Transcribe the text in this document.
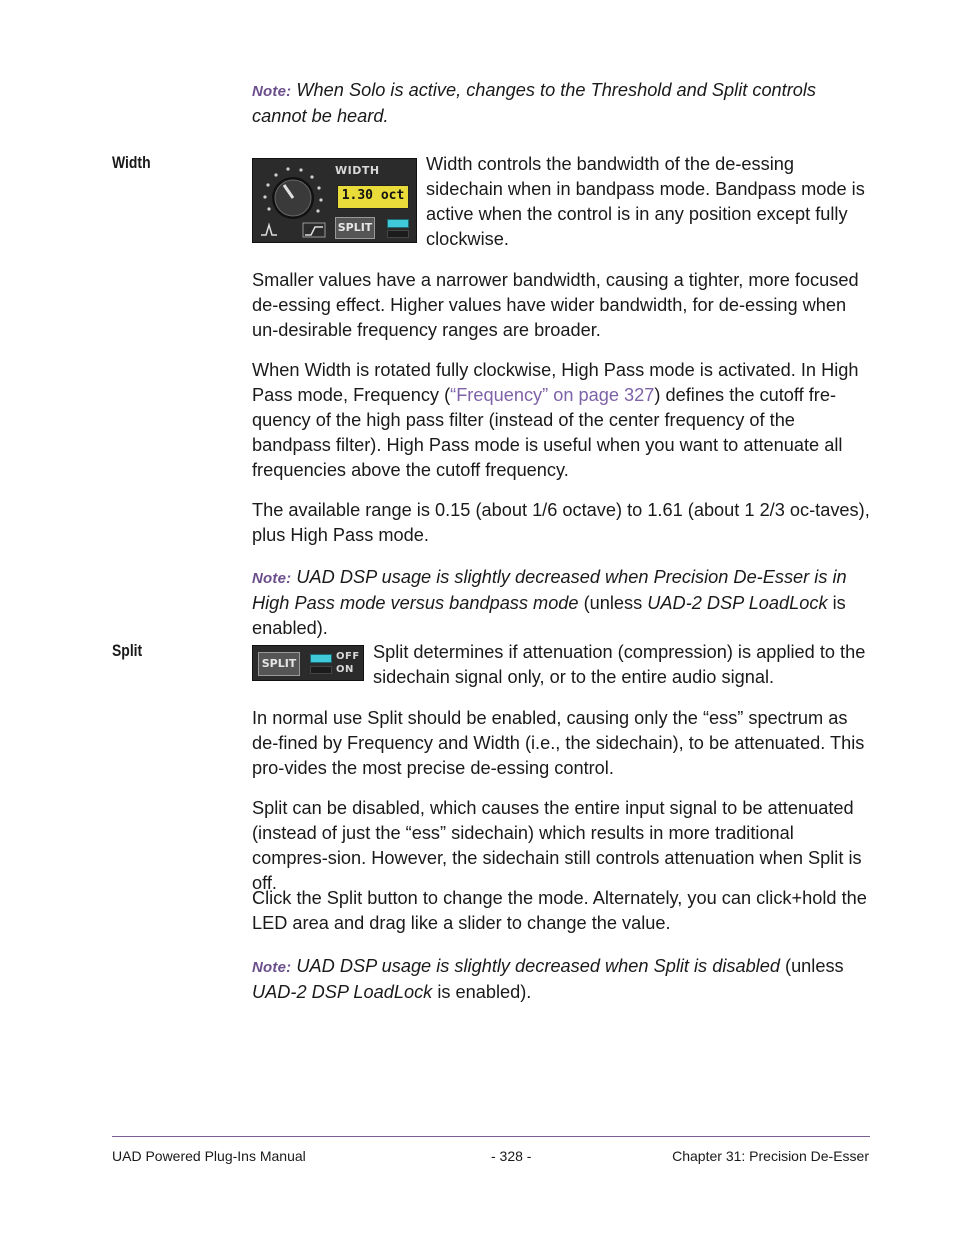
Note: When Solo is active, changes to the Threshold and Split controls cannot be heard.
Width	WIDTH
1.30 oct
SPLIT
Width controls the bandwidth of the de-essing sidechain when in bandpass mode. Bandpass mode is active when the control is in any position except fully clockwise.
Smaller values have a narrower bandwidth, causing a tighter, more focused de-essing effect. Higher values have wider bandwidth, for de-essing when un-desirable frequency ranges are broader.
When Width is rotated fully clockwise, High Pass mode is activated. In High Pass mode, Frequency (“Frequency” on page 327) defines the cutoff fre-quency of the high pass filter (instead of the center frequency of the bandpass filter). High Pass mode is useful when you want to attenuate all frequencies above the cutoff frequency.
The available range is 0.15 (about 1/6 octave) to 1.61 (about 1 2/3 oc-taves), plus High Pass mode.
Note: UAD DSP usage is slightly decreased when Precision De-Esser is in High Pass mode versus bandpass mode (unless UAD-2 DSP LoadLock is enabled).
Split
SPLIT
OFF
ON
Split determines if attenuation (compression) is applied to the sidechain signal only, or to the entire audio signal.
In normal use Split should be enabled, causing only the “ess” spectrum as de-fined by Frequency and Width (i.e., the sidechain), to be attenuated. This pro-vides the most precise de-essing control.
Split can be disabled, which causes the entire input signal to be attenuated (instead of just the “ess” sidechain) which results in more traditional compres-sion. However, the sidechain still controls attenuation when Split is off.
Click the Split button to change the mode. Alternately, you can click+hold the LED area and drag like a slider to change the value.
Note: UAD DSP usage is slightly decreased when Split is disabled (unless
UAD-2 DSP LoadLock is enabled).
UAD Powered Plug-Ins Manual	- 328 -	Chapter 31: Precision De-Esser
